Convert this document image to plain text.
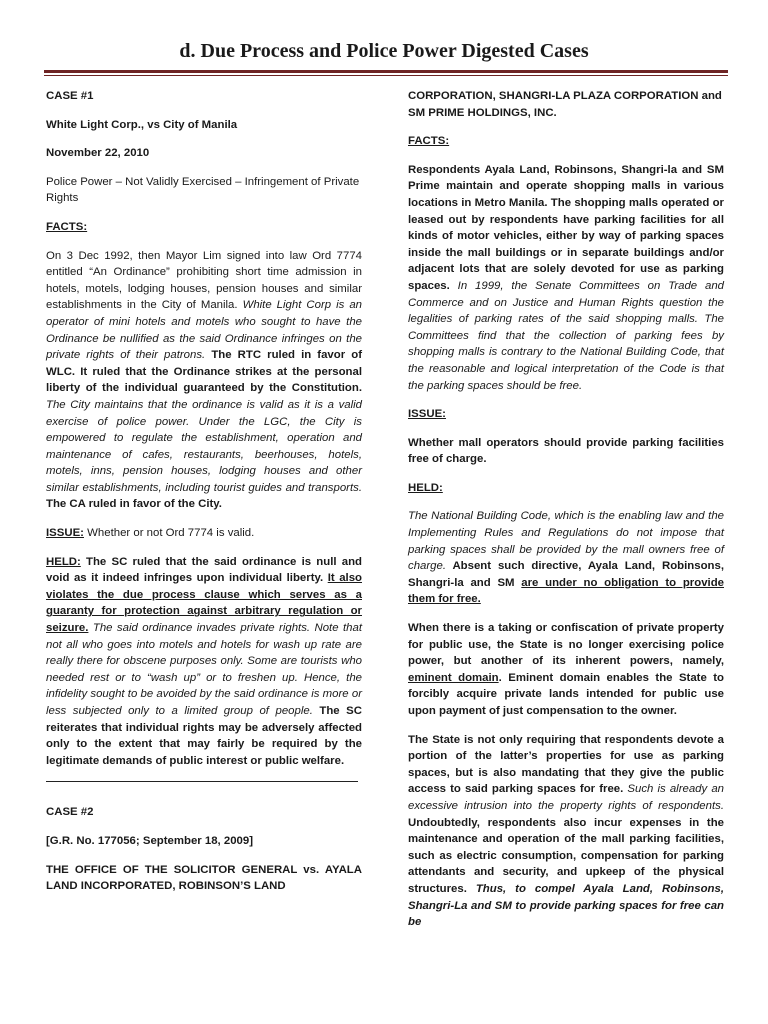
d. Due Process and Police Power Digested Cases

CASE #1

White Light Corp., vs City of Manila

November 22, 2010

Police Power – Not Validly Exercised – Infringement of Private Rights

FACTS:

On 3 Dec 1992, then Mayor Lim signed into law Ord 7774 entitled “An Ordinance” prohibiting short time admission in hotels, motels, lodging houses, pension houses and similar establishments in the City of Manila. White Light Corp is an operator of mini hotels and motels who sought to have the Ordinance be nullified as the said Ordinance infringes on the private rights of their patrons. The RTC ruled in favor of WLC. It ruled that the Ordinance strikes at the personal liberty of the individual guaranteed by the Constitution. The City maintains that the ordinance is valid as it is a valid exercise of police power. Under the LGC, the City is empowered to regulate the establishment, operation and maintenance of cafes, restaurants, beerhouses, hotels, motels, inns, pension houses, lodging houses and other similar establishments, including tourist guides and transports. The CA ruled in favor of the City.

ISSUE: Whether or not Ord 7774 is valid.

HELD: The SC ruled that the said ordinance is null and void as it indeed infringes upon individual liberty. It also violates the due process clause which serves as a guaranty for protection against arbitrary regulation or seizure. The said ordinance invades private rights. Note that not all who goes into motels and hotels for wash up rate are really there for obscene purposes only. Some are tourists who needed rest or to “wash up” or to freshen up. Hence, the infidelity sought to be avoided by the said ordinance is more or less subjected only to a limited group of people. The SC reiterates that individual rights may be adversely affected only to the extent that may fairly be required by the legitimate demands of public interest or public welfare.

CASE #2

[G.R. No. 177056; September 18, 2009]

THE OFFICE OF THE SOLICITOR GENERAL vs. AYALA LAND INCORPORATED, ROBINSON’S LAND

CORPORATION, SHANGRI-LA PLAZA CORPORATION and SM PRIME HOLDINGS, INC.

FACTS:

Respondents Ayala Land, Robinsons, Shangri-la and SM Prime maintain and operate shopping malls in various locations in Metro Manila. The shopping malls operated or leased out by respondents have parking facilities for all kinds of motor vehicles, either by way of parking spaces inside the mall buildings or in separate buildings and/or adjacent lots that are solely devoted for use as parking spaces. In 1999, the Senate Committees on Trade and Commerce and on Justice and Human Rights question the legalities of parking rates of the said shopping malls. The Committees find that the collection of parking fees by shopping malls is contrary to the National Building Code, that the reasonable and logical interpretation of the Code is that the parking spaces should be free.

ISSUE:

Whether mall operators should provide parking facilities free of charge.

HELD:

The National Building Code, which is the enabling law and the Implementing Rules and Regulations do not impose that parking spaces shall be provided by the mall owners free of charge. Absent such directive, Ayala Land, Robinsons, Shangri-la and SM are under no obligation to provide them for free.

When there is a taking or confiscation of private property for public use, the State is no longer exercising police power, but another of its inherent powers, namely, eminent domain. Eminent domain enables the State to forcibly acquire private lands intended for public use upon payment of just compensation to the owner.

The State is not only requiring that respondents devote a portion of the latter’s properties for use as parking spaces, but is also mandating that they give the public access to said parking spaces for free. Such is already an excessive intrusion into the property rights of respondents. Undoubtedly, respondents also incur expenses in the maintenance and operation of the mall parking facilities, such as electric consumption, compensation for parking attendants and security, and upkeep of the physical structures. Thus, to compel Ayala Land, Robinsons, Shangri-La and SM to provide parking spaces for free can be
